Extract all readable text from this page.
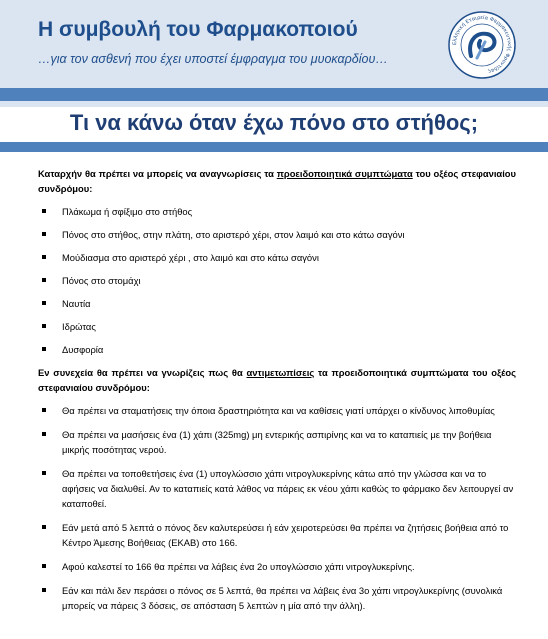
Η συμβουλή του Φαρμακοποιού
…για τον ασθενή που έχει υποστεί έμφραγμα του μυοκαρδίου…
Ελληνική Εταιρεία Φαρμακευτικής Φροντίδας
Τι να κάνω όταν έχω πόνο στο στήθος;

Καταρχήν θα πρέπει να μπορείς να αναγνωρίσεις τα προειδοποιητικά συμπτώματα του οξέος στεφανιαίου συνδρόμου:

Πλάκωμα ή σφίξιμο στο στήθος
Πόνος στο στήθος, στην πλάτη, στο αριστερό χέρι, στον λαιμό και στο κάτω σαγόνι
Μούδιασμα στο αριστερό χέρι , στο λαιμό και στο κάτω σαγόνι
Πόνος στο στομάχι
Ναυτία
Ιδρώτας
Δυσφορία

Εν συνεχεία θα πρέπει να γνωρίζεις πως θα αντιμετωπίσεις τα προειδοποιητικά συμπτώματα του οξέος στεφανιαίου συνδρόμου:

Θα πρέπει να σταματήσεις την όποια δραστηριότητα και να καθίσεις γιατί υπάρχει ο κίνδυνος λιποθυμίας
Θα πρέπει να μασήσεις ένα (1) χάπι (325mg) μη εντερικής ασπιρίνης και να το καταπιείς με την βοήθεια μικρής ποσότητας νερού.
Θα πρέπει να τοποθετήσεις ένα (1) υπογλώσσιο χάπι νιτρογλυκερίνης κάτω από την γλώσσα και να το αφήσεις να διαλυθεί. Αν το καταπιείς κατά λάθος να πάρεις εκ νέου χάπι καθώς το φάρμακο δεν λειτουργεί αν καταποθεί.
Εάν μετά από 5 λεπτά ο πόνος δεν καλυτερεύσει ή εάν χειροτερεύσει θα πρέπει να ζητήσεις βοήθεια από το Κέντρο Άμεσης Βοήθειας (ΕΚΑΒ) στο 166.
Αφού καλεστεί το 166 θα πρέπει να λάβεις ένα 2ο υπογλώσσιο χάπι νιτρογλυκερίνης.
Εάν και πάλι δεν περάσει ο πόνος σε 5 λεπτά, θα πρέπει να λάβεις ένα 3ο χάπι νιτρογλυκερίνης (συνολικά μπορείς να πάρεις 3 δόσεις, σε απόσταση 5 λεπτών η μία από την άλλη).
